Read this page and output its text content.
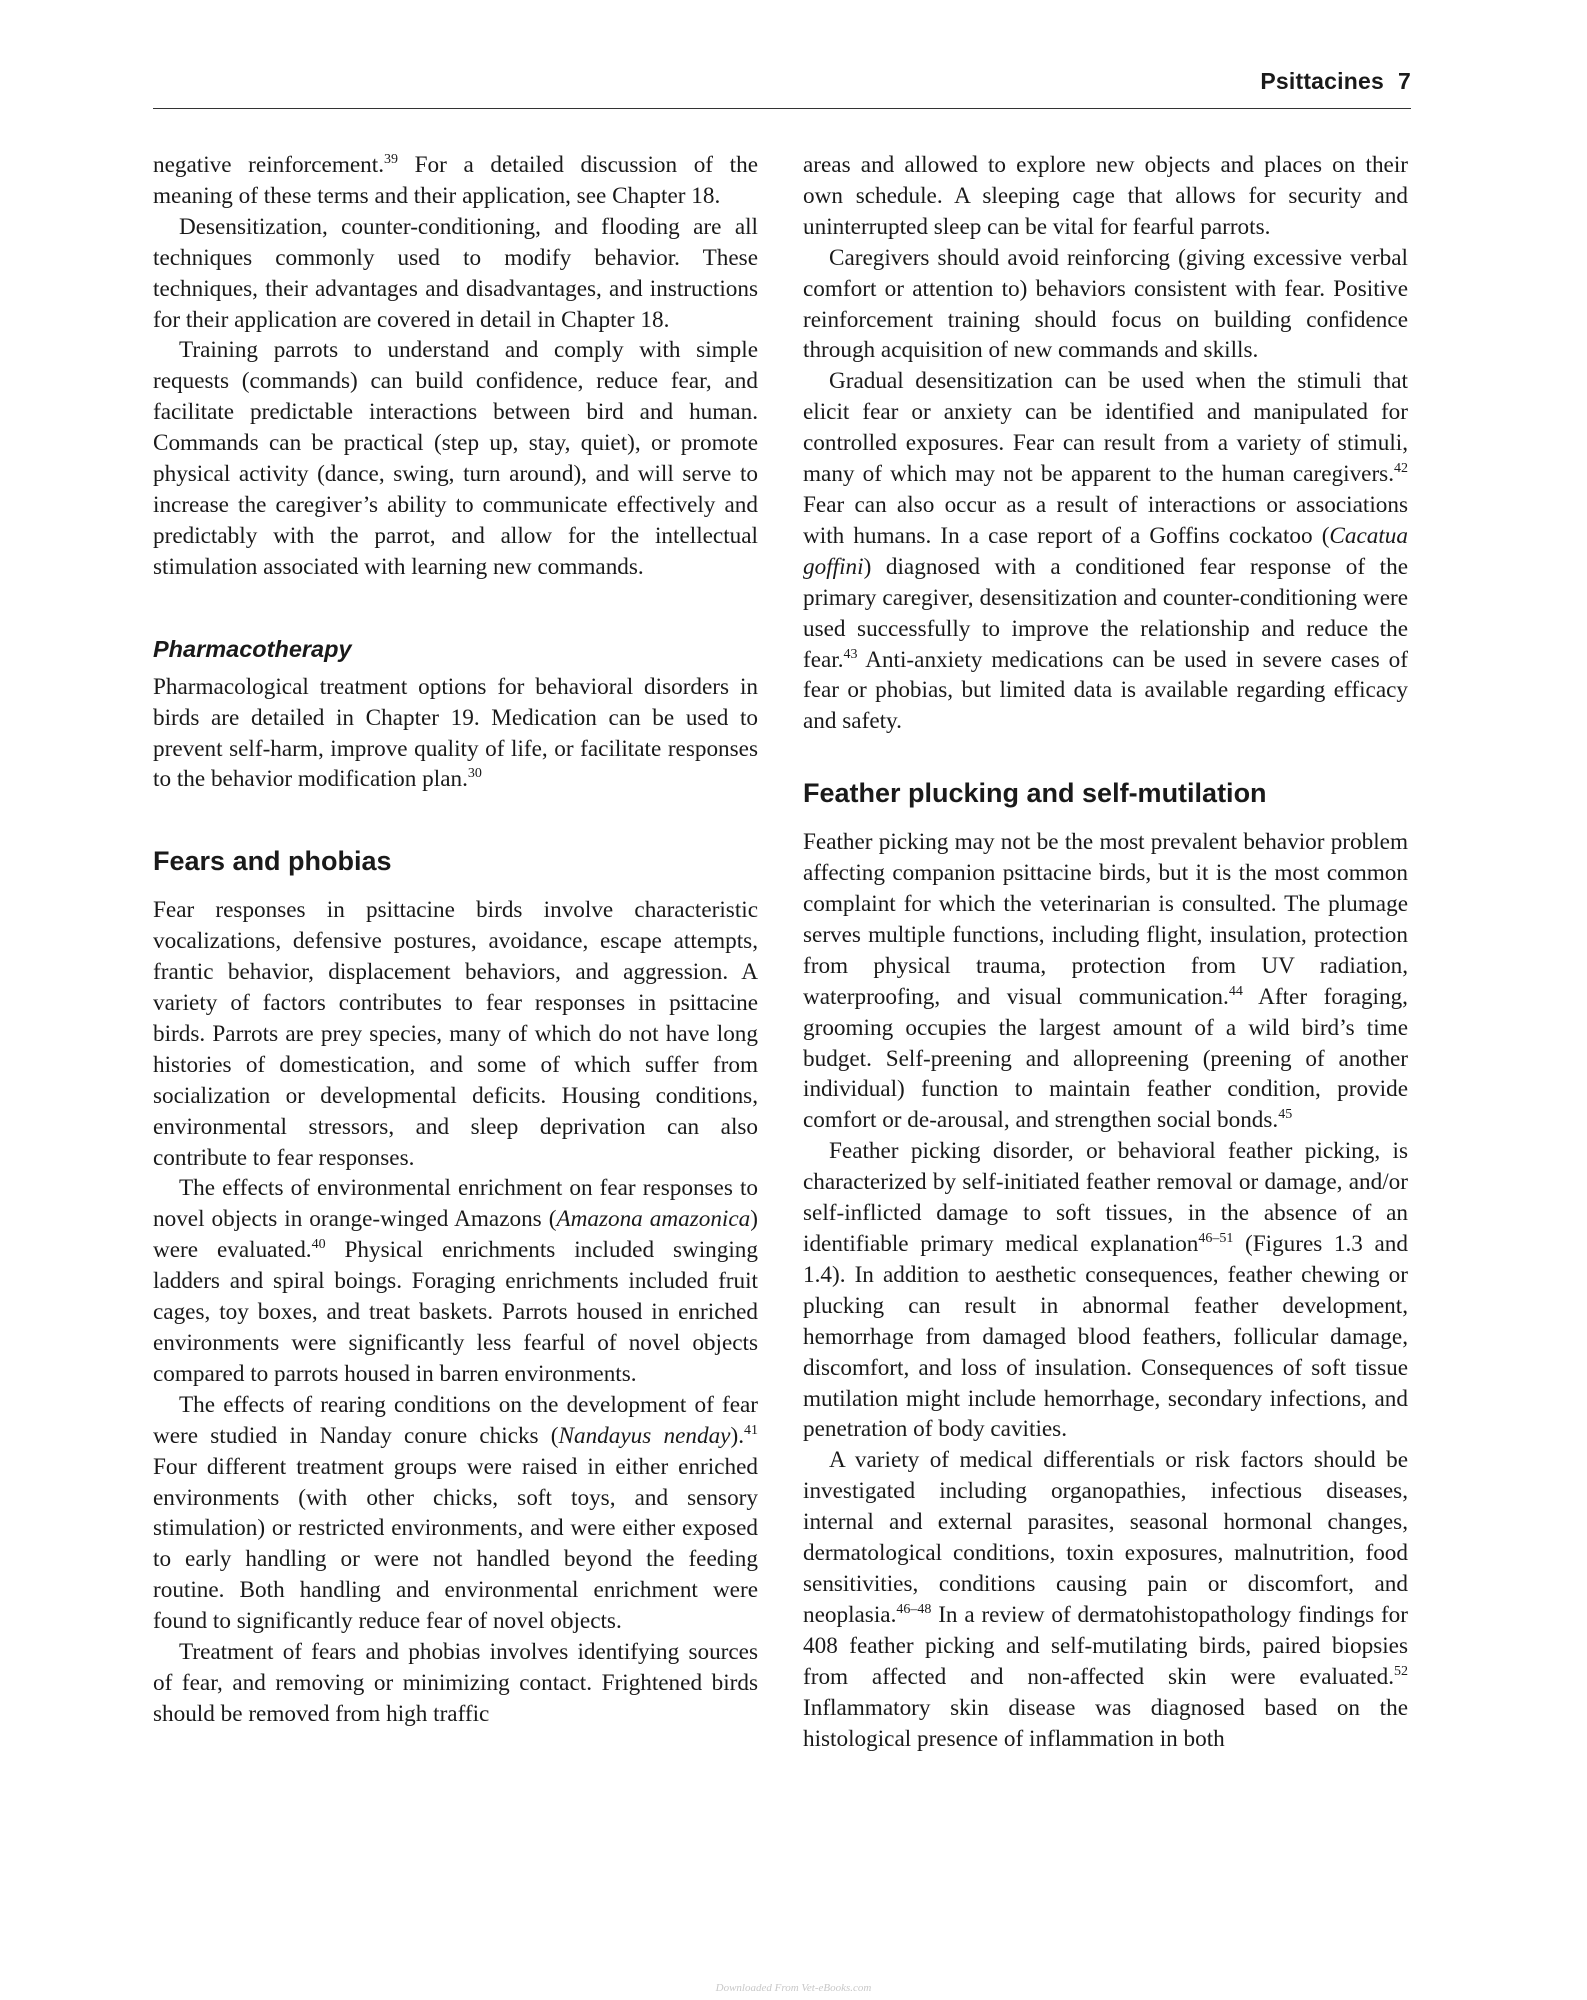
Psittacines 7

negative reinforcement.$^{39}$ For a detailed discussion of the meaning of these terms and their application, see Chapter 18.

Desensitization, counter-conditioning, and flooding are all techniques commonly used to modify behavior. These techniques, their advantages and disadvantages, and instructions for their application are covered in detail in Chapter 18.

Training parrots to understand and comply with simple requests (commands) can build confidence, reduce fear, and facilitate predictable interactions between bird and human. Commands can be practical (step up, stay, quiet), or promote physical activity (dance, swing, turn around), and will serve to increase the caregiver’s ability to communicate effectively and predictably with the parrot, and allow for the intellectual stimulation associated with learning new commands.

Pharmacotherapy

Pharmacological treatment options for behavioral disorders in birds are detailed in Chapter 19. Medication can be used to prevent self-harm, improve quality of life, or facilitate responses to the behavior modification plan.$^{30}$

Fears and phobias

Fear responses in psittacine birds involve characteristic vocalizations, defensive postures, avoidance, escape attempts, frantic behavior, displacement behaviors, and aggression. A variety of factors contributes to fear responses in psittacine birds. Parrots are prey species, many of which do not have long histories of domestication, and some of which suffer from socialization or developmental deficits. Housing conditions, environmental stressors, and sleep deprivation can also contribute to fear responses.

The effects of environmental enrichment on fear responses to novel objects in orange-winged Amazons (Amazona amazonica) were evaluated.$^{40}$ Physical enrichments included swinging ladders and spiral boings. Foraging enrichments included fruit cages, toy boxes, and treat baskets. Parrots housed in enriched environments were significantly less fearful of novel objects compared to parrots housed in barren environments.

The effects of rearing conditions on the development of fear were studied in Nanday conure chicks (Nandayus nenday).$^{41}$ Four different treatment groups were raised in either enriched environments (with other chicks, soft toys, and sensory stimulation) or restricted environments, and were either exposed to early handling or were not handled beyond the feeding routine. Both handling and environmental enrichment were found to significantly reduce fear of novel objects.

Treatment of fears and phobias involves identifying sources of fear, and removing or minimizing contact. Frightened birds should be removed from high traffic

areas and allowed to explore new objects and places on their own schedule. A sleeping cage that allows for security and uninterrupted sleep can be vital for fearful parrots.

Caregivers should avoid reinforcing (giving excessive verbal comfort or attention to) behaviors consistent with fear. Positive reinforcement training should focus on building confidence through acquisition of new commands and skills.

Gradual desensitization can be used when the stimuli that elicit fear or anxiety can be identified and manipulated for controlled exposures. Fear can result from a variety of stimuli, many of which may not be apparent to the human caregivers.$^{42}$ Fear can also occur as a result of interactions or associations with humans. In a case report of a Goffins cockatoo (Cacatua goffini) diagnosed with a conditioned fear response of the primary caregiver, desensitization and counter-conditioning were used successfully to improve the relationship and reduce the fear.$^{43}$ Anti-anxiety medications can be used in severe cases of fear or phobias, but limited data is available regarding efficacy and safety.

Feather plucking and self-mutilation

Feather picking may not be the most prevalent behavior problem affecting companion psittacine birds, but it is the most common complaint for which the veterinarian is consulted. The plumage serves multiple functions, including flight, insulation, protection from physical trauma, protection from UV radiation, waterproofing, and visual communication.$^{44}$ After foraging, grooming occupies the largest amount of a wild bird’s time budget. Self-preening and allopreening (preening of another individual) function to maintain feather condition, provide comfort or de-arousal, and strengthen social bonds.$^{45}$

Feather picking disorder, or behavioral feather picking, is characterized by self-initiated feather removal or damage, and/or self-inflicted damage to soft tissues, in the absence of an identifiable primary medical explanation$^{46-51}$ (Figures 1.3 and 1.4). In addition to aesthetic consequences, feather chewing or plucking can result in abnormal feather development, hemorrhage from damaged blood feathers, follicular damage, discomfort, and loss of insulation. Consequences of soft tissue mutilation might include hemorrhage, secondary infections, and penetration of body cavities.

A variety of medical differentials or risk factors should be investigated including organopathies, infectious diseases, internal and external parasites, seasonal hormonal changes, dermatological conditions, toxin exposures, malnutrition, food sensitivities, conditions causing pain or discomfort, and neoplasia.$^{46-48}$ In a review of dermatohistopathology findings for 408 feather picking and self-mutilating birds, paired biopsies from affected and non-affected skin were evaluated.$^{52}$ Inflammatory skin disease was diagnosed based on the histological presence of inflammation in both

Downloaded From Vet-eBooks.com
